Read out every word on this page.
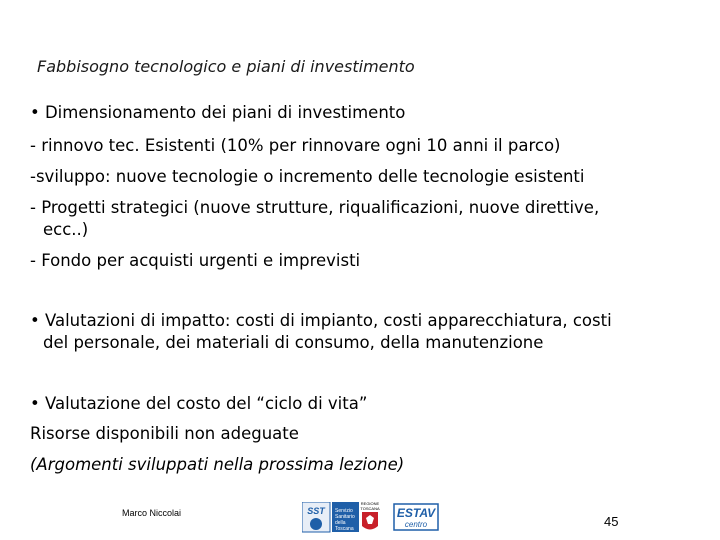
Fabbisogno tecnologico e piani di investimento
• Dimensionamento dei piani di investimento
- rinnovo tec. Esistenti (10% per rinnovare ogni 10 anni il parco)
-sviluppo: nuove tecnologie o incremento delle tecnologie esistenti
- Progetti strategici (nuove strutture, riqualificazioni, nuove direttive,
ecc..)
- Fondo per acquisti urgenti e imprevisti
• Valutazioni di impatto: costi di impianto, costi apparecchiatura, costi
del personale, dei materiali di consumo, della manutenzione
• Valutazione del costo del “ciclo di vita”
Risorse disponibili non adeguate
(Argomenti sviluppati nella prossima lezione)
Marco Niccolai	SST Servizio
Sanitario
della
Toscana
REGIONE
TOSCANA ESTAV
centro	45
